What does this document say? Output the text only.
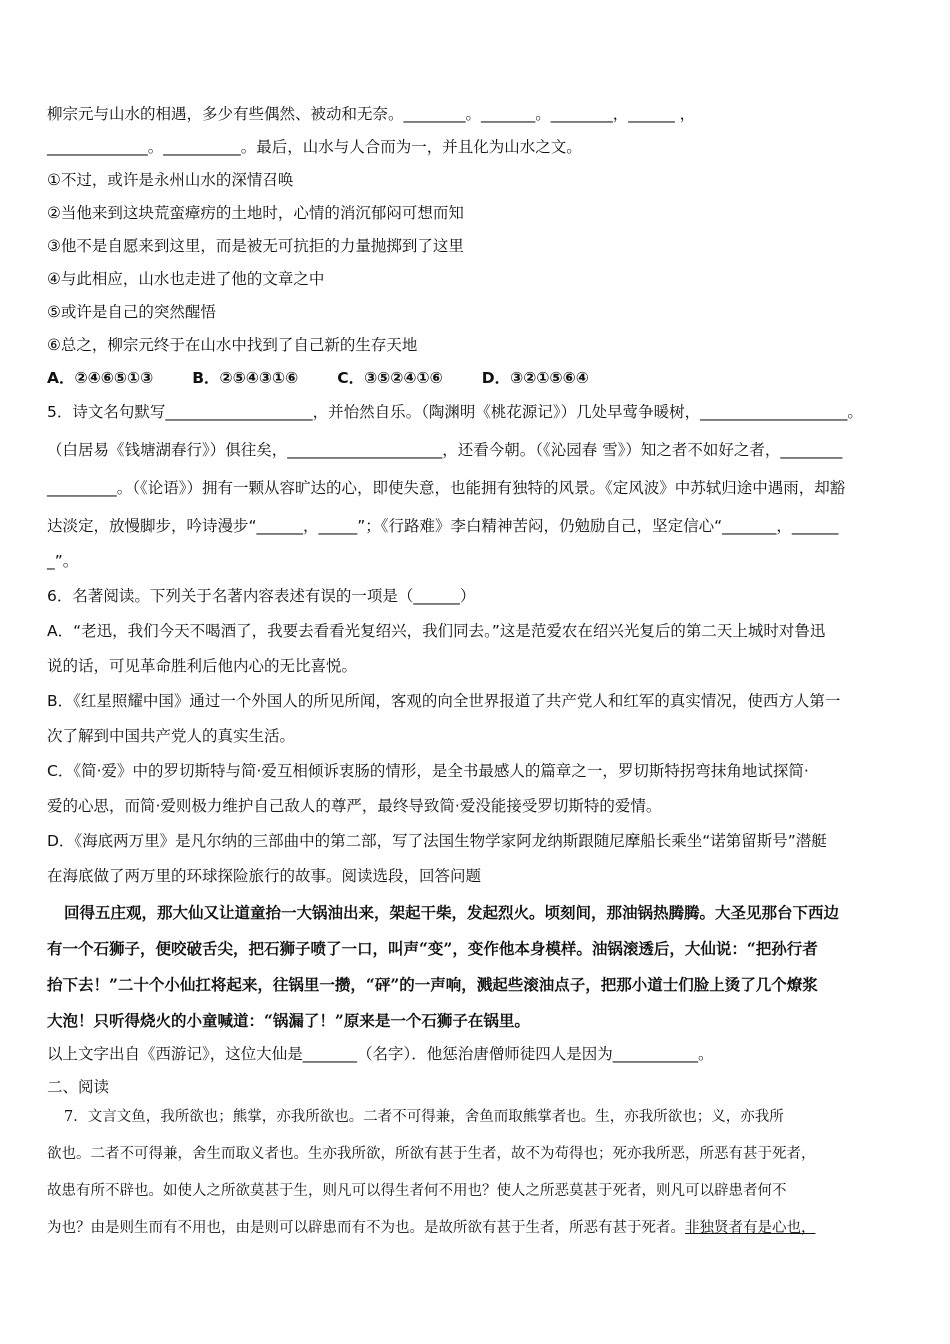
柳宗元与山水的相遇，多少有些偶然、被动和无奈。________。_______。________，______ ，
_____________。__________。最后，山水与人合而为一，并且化为山水之文。
①不过，或许是永州山水的深情召唤
②当他来到这块荒蛮瘴疠的土地时，心情的消沉郁闷可想而知
③他不是自愿来到这里，而是被无可抗拒的力量抛掷到了这里
④与此相应，山水也走进了他的文章之中
⑤或许是自己的突然醒悟
⑥总之，柳宗元终于在山水中找到了自己新的生存天地
A．②④⑥⑤①③	B．②⑤④③①⑥	C．③⑤②④①⑥	D．③②①⑤⑥④
5．诗文名句默写___________________，并怡然自乐。（陶渊明《桃花源记》）几处早莺争暖树，___________________。
（白居易《钱塘湖春行》）俱往矣，____________________，还看今朝。（《沁园春 雪》）知之者不如好之者，________
_________。（《论语》）拥有一颗从容旷达的心，即使失意，也能拥有独特的风景。《定风波》中苏轼归途中遇雨，却豁
达淡定，放慢脚步，吟诗漫步“______，_____”；《行路难》李白精神苦闷，仍勉励自己，坚定信心“_______，______
_”。
6．名著阅读。下列关于名著内容表述有误的一项是（______）
A．“老迅，我们今天不喝酒了，我要去看看光复绍兴，我们同去。”这是范爱农在绍兴光复后的第二天上城时对鲁迅
说的话，可见革命胜利后他内心的无比喜悦。
B．《红星照耀中国》通过一个外国人的所见所闻，客观的向全世界报道了共产党人和红军的真实情况，使西方人第一
次了解到中国共产党人的真实生活。
C．《简·爱》中的罗切斯特与简·爱互相倾诉衷肠的情形，是全书最感人的篇章之一，罗切斯特拐弯抹角地试探简·
爱的心思，而简·爱则极力维护自己敌人的尊严，最终导致简·爱没能接受罗切斯特的爱情。
D．《海底两万里》是凡尔纳的三部曲中的第二部，写了法国生物学家阿龙纳斯跟随尼摩船长乘坐“诺第留斯号”潜艇
在海底做了两万里的环球探险旅行的故事。阅读选段，回答问题
回得五庄观，那大仙又让道童抬一大锅油出来，架起干柴，发起烈火。顷刻间，那油锅热腾腾。大圣见那台下西边
有一个石狮子，便咬破舌尖，把石狮子喷了一口，叫声“变”，变作他本身模样。油锅滚透后，大仙说：“把孙行者
抬下去！”二十个小仙扛将起来，往锅里一攒，“砰”的一声响，溅起些滚油点子，把那小道士们脸上烫了几个燎浆
大泡！只听得烧火的小童喊道：“锅漏了！”原来是一个石狮子在锅里。
以上文字出自《西游记》，这位大仙是_______（名字）．他惩治唐僧师徒四人是因为___________。
二、阅读
7．文言文鱼，我所欲也；熊掌，亦我所欲也。二者不可得兼，舍鱼而取熊掌者也。生，亦我所欲也；义，亦我所
欲也。二者不可得兼，舍生而取义者也。生亦我所欲，所欲有甚于生者，故不为苟得也；死亦我所恶，所恶有甚于死者，
故患有所不辟也。如使人之所欲莫甚于生，则凡可以得生者何不用也？使人之所恶莫甚于死者，则凡可以辟患者何不
为也？由是则生而有不用也，由是则可以辟患而有不为也。是故所欲有甚于生者，所恶有甚于死者。非独贤者有是心也，
